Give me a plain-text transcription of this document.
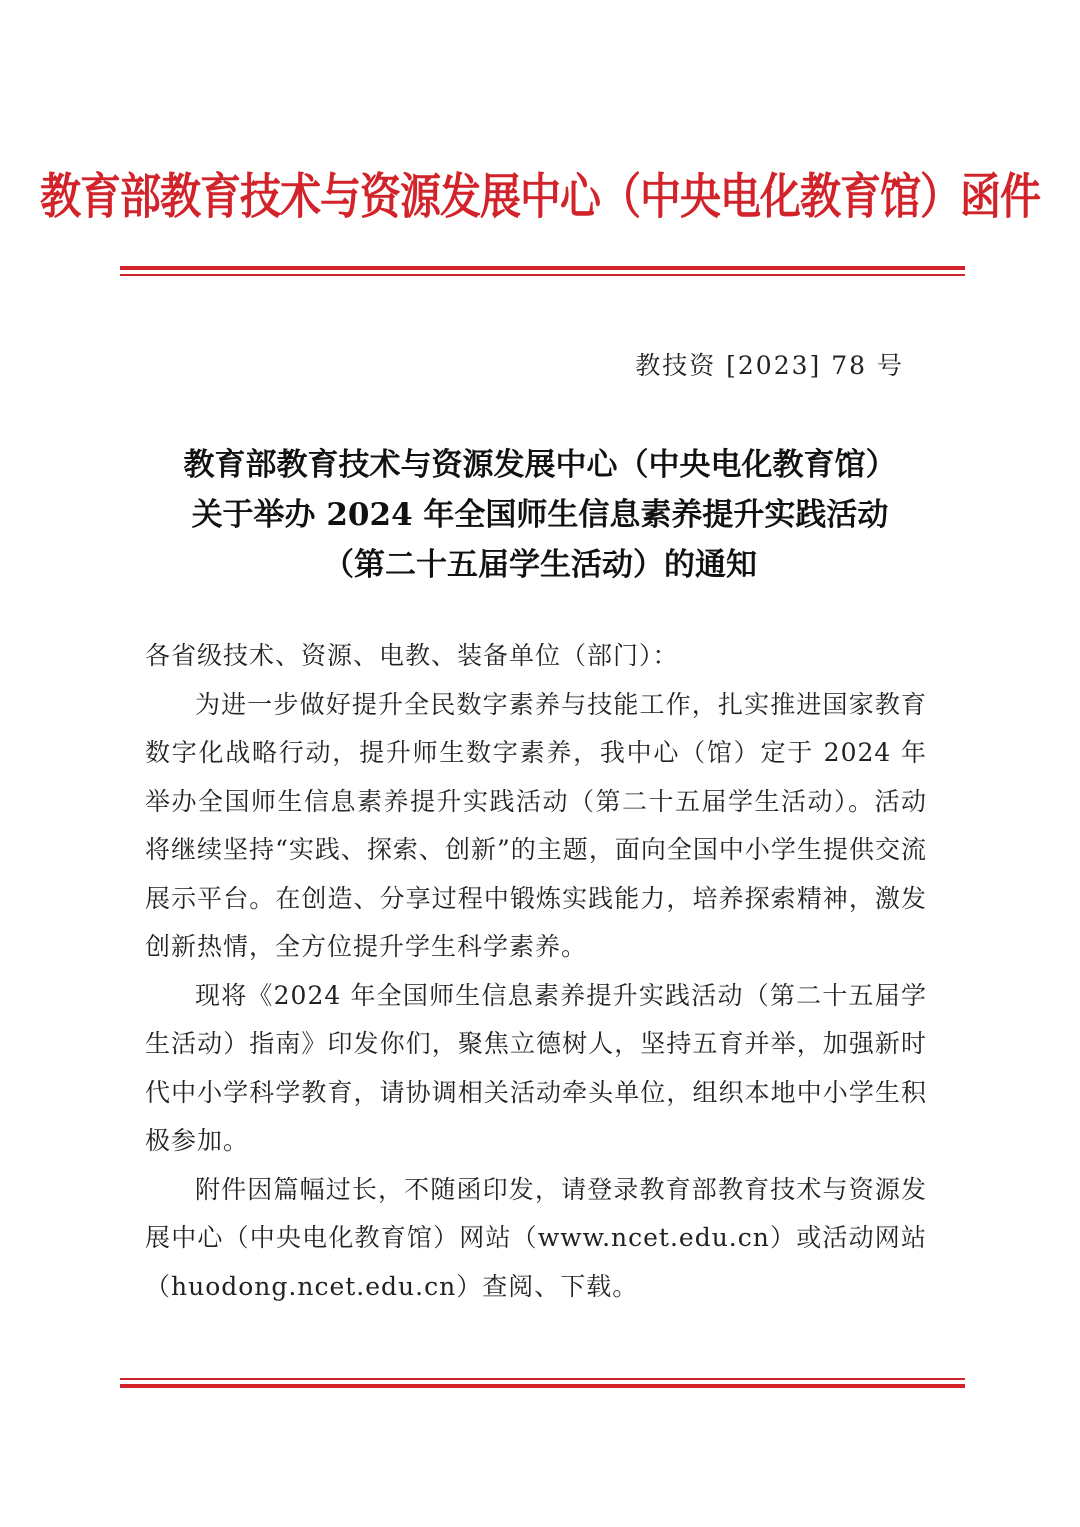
教育部教育技术与资源发展中心（中央电化教育馆）函件
教技资 [2023] 78 号
教育部教育技术与资源发展中心（中央电化教育馆）
关于举办 2024 年全国师生信息素养提升实践活动
（第二十五届学生活动）的通知

各省级技术、资源、电教、装备单位（部门）：

为进一步做好提升全民数字素养与技能工作，扎实推进国家教育数字化战略行动，提升师生数字素养，我中心（馆）定于 2024 年举办全国师生信息素养提升实践活动（第二十五届学生活动）。活动将继续坚持“实践、探索、创新”的主题，面向全国中小学生提供交流展示平台。在创造、分享过程中锻炼实践能力，培养探索精神，激发创新热情，全方位提升学生科学素养。

现将《2024 年全国师生信息素养提升实践活动（第二十五届学生活动）指南》印发你们，聚焦立德树人，坚持五育并举，加强新时代中小学科学教育，请协调相关活动牵头单位，组织本地中小学生积极参加。

附件因篇幅过长，不随函印发，请登录教育部教育技术与资源发展中心（中央电化教育馆）网站（www.ncet.edu.cn）或活动网站（huodong.ncet.edu.cn）查阅、下载。
